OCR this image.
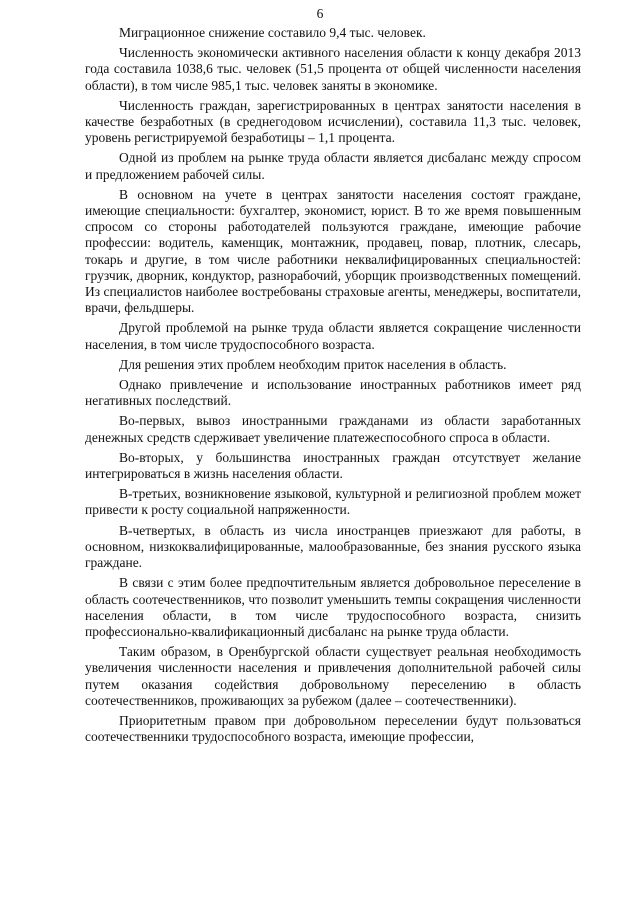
6

Миграционное снижение составило 9,4 тыс. человек.

Численность экономически активного населения области к концу декабря 2013 года составила 1038,6 тыс. человек (51,5 процента от общей численности населения области), в том числе 985,1 тыс. человек заняты в экономике.

Численность граждан, зарегистрированных в центрах занятости населения в качестве безработных (в среднегодовом исчислении), составила 11,3 тыс. человек, уровень регистрируемой безработицы – 1,1 процента.

Одной из проблем на рынке труда области является дисбаланс между спросом и предложением рабочей силы.

В основном на учете в центрах занятости населения состоят граждане, имеющие специальности: бухгалтер, экономист, юрист. В то же время повышенным спросом со стороны работодателей пользуются граждане, имеющие рабочие профессии: водитель, каменщик, монтажник, продавец, повар, плотник, слесарь, токарь и другие, в том числе работники неквалифицированных специальностей: грузчик, дворник, кондуктор, разнорабочий, уборщик производственных помещений. Из специалистов наиболее востребованы страховые агенты, менеджеры, воспитатели, врачи, фельдшеры.

Другой проблемой на рынке труда области является сокращение численности населения, в том числе трудоспособного возраста.

Для решения этих проблем необходим приток населения в область.

Однако привлечение и использование иностранных работников имеет ряд негативных последствий.

Во-первых, вывоз иностранными гражданами из области заработанных денежных средств сдерживает увеличение платежеспособного спроса в области.

Во-вторых, у большинства иностранных граждан отсутствует желание интегрироваться в жизнь населения области.

В-третьих, возникновение языковой, культурной и религиозной проблем может привести к росту социальной напряженности.

В-четвертых, в область из числа иностранцев приезжают для работы, в основном, низкоквалифицированные, малообразованные, без знания русского языка граждане.

В связи с этим более предпочтительным является добровольное переселение в область соотечественников, что позволит уменьшить темпы сокращения численности населения области, в том числе трудоспособного возраста, снизить профессионально-квалификационный дисбаланс на рынке труда области.

Таким образом, в Оренбургской области существует реальная необходимость увеличения численности населения и привлечения дополнительной рабочей силы путем оказания содействия добровольному переселению в область соотечественников, проживающих за рубежом (далее – соотечественники).

Приоритетным правом при добровольном переселении будут пользоваться соотечественники трудоспособного возраста, имеющие профессии,
